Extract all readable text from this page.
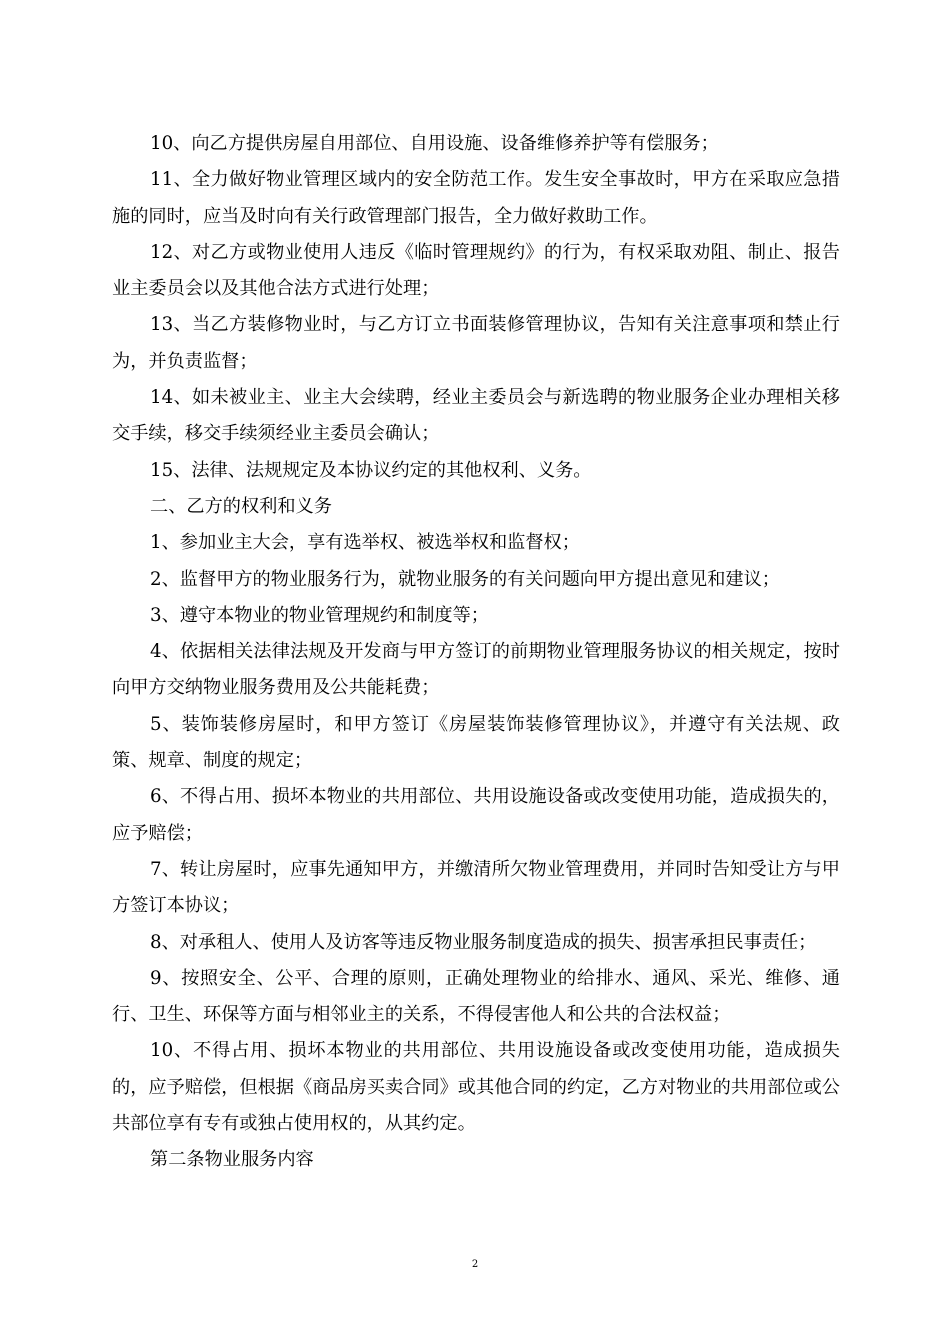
10、向乙方提供房屋自用部位、自用设施、设备维修养护等有偿服务；

11、全力做好物业管理区域内的安全防范工作。发生安全事故时，甲方在采取应急措施的同时，应当及时向有关行政管理部门报告，全力做好救助工作。

12、对乙方或物业使用人违反《临时管理规约》的行为，有权采取劝阻、制止、报告业主委员会以及其他合法方式进行处理；

13、当乙方装修物业时，与乙方订立书面装修管理协议，告知有关注意事项和禁止行为，并负责监督；

14、如未被业主、业主大会续聘，经业主委员会与新选聘的物业服务企业办理相关移交手续，移交手续须经业主委员会确认；

15、法律、法规规定及本协议约定的其他权利、义务。

二、乙方的权利和义务

1、参加业主大会，享有选举权、被选举权和监督权；

2、监督甲方的物业服务行为，就物业服务的有关问题向甲方提出意见和建议；

3、遵守本物业的物业管理规约和制度等；

4、依据相关法律法规及开发商与甲方签订的前期物业管理服务协议的相关规定，按时向甲方交纳物业服务费用及公共能耗费；

5、装饰装修房屋时，和甲方签订《房屋装饰装修管理协议》，并遵守有关法规、政策、规章、制度的规定；

6、不得占用、损坏本物业的共用部位、共用设施设备或改变使用功能，造成损失的，应予赔偿；

7、转让房屋时，应事先通知甲方，并缴清所欠物业管理费用，并同时告知受让方与甲方签订本协议；

8、对承租人、使用人及访客等违反物业服务制度造成的损失、损害承担民事责任；

9、按照安全、公平、合理的原则，正确处理物业的给排水、通风、采光、维修、通行、卫生、环保等方面与相邻业主的关系，不得侵害他人和公共的合法权益；

10、不得占用、损坏本物业的共用部位、共用设施设备或改变使用功能，造成损失的，应予赔偿，但根据《商品房买卖合同》或其他合同的约定，乙方对物业的共用部位或公共部位享有专有或独占使用权的，从其约定。

第二条物业服务内容

2
